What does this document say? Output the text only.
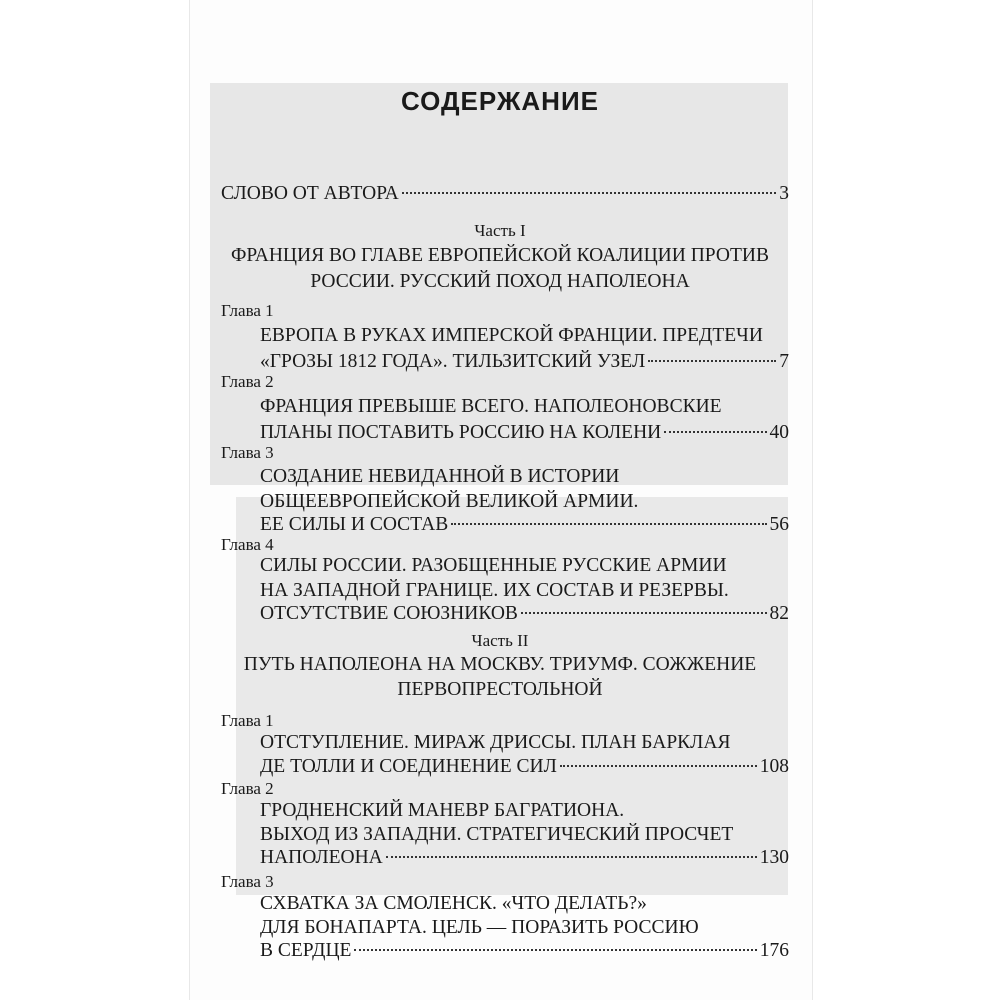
СОДЕРЖАНИЕ
СЛОВО ОТ АВТОРА	3
Часть I
ФРАНЦИЯ ВО ГЛАВЕ ЕВРОПЕЙСКОЙ КОАЛИЦИИ ПРОТИВ
РОССИИ. РУССКИЙ ПОХОД НАПОЛЕОНА
Глава 1
ЕВРОПА В РУКАХ ИМПЕРСКОЙ ФРАНЦИИ. ПРЕДТЕЧИ
«ГРОЗЫ 1812 ГОДА». ТИЛЬЗИТСКИЙ УЗЕЛ	7
Глава 2
ФРАНЦИЯ ПРЕВЫШЕ ВСЕГО. НАПОЛЕОНОВСКИЕ
ПЛАНЫ ПОСТАВИТЬ РОССИЮ НА КОЛЕНИ	40
Глава 3
СОЗДАНИЕ НЕВИДАННОЙ В ИСТОРИИ
ОБЩЕЕВРОПЕЙСКОЙ ВЕЛИКОЙ АРМИИ.
ЕЕ СИЛЫ И СОСТАВ	56
Глава 4
СИЛЫ РОССИИ. РАЗОБЩЕННЫЕ РУССКИЕ АРМИИ
НА ЗАПАДНОЙ ГРАНИЦЕ. ИХ СОСТАВ И РЕЗЕРВЫ.
ОТСУТСТВИЕ СОЮЗНИКОВ	82
Часть II
ПУТЬ НАПОЛЕОНА НА МОСКВУ. ТРИУМФ. СОЖЖЕНИЕ
ПЕРВОПРЕСТОЛЬНОЙ
Глава 1
ОТСТУПЛЕНИЕ. МИРАЖ ДРИССЫ. ПЛАН БАРКЛАЯ
ДЕ ТОЛЛИ И СОЕДИНЕНИЕ СИЛ	108
Глава 2
ГРОДНЕНСКИЙ МАНЕВР БАГРАТИОНА.
ВЫХОД ИЗ ЗАПАДНИ. СТРАТЕГИЧЕСКИЙ ПРОСЧЕТ
НАПОЛЕОНА	130
Глава 3
СХВАТКА ЗА СМОЛЕНСК. «ЧТО ДЕЛАТЬ?»
ДЛЯ БОНАПАРТА. ЦЕЛЬ — ПОРАЗИТЬ РОССИЮ
В СЕРДЦЕ	176
